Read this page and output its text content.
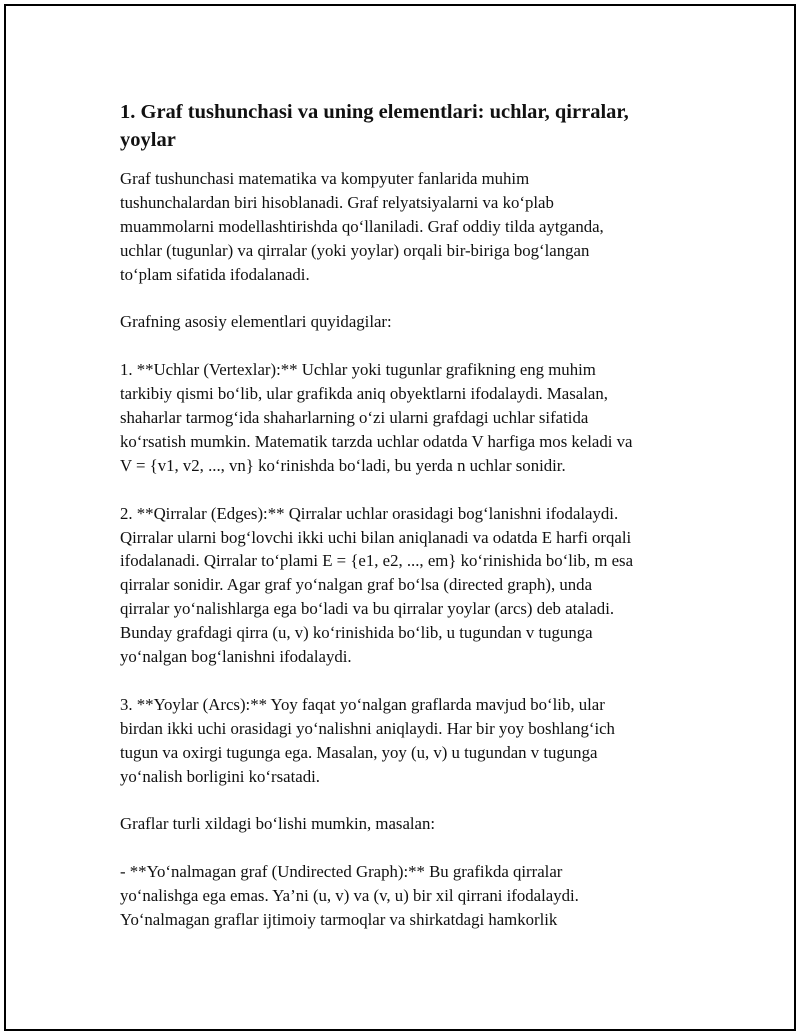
1. Graf tushunchasi va uning elementlari: uchlar, qirralar,
yoylar

Graf tushunchasi matematika va kompyuter fanlarida muhim
tushunchalardan biri hisoblanadi. Graf relyatsiyalarni va ko‘plab
muammolarni modellashtirishda qo‘llaniladi. Graf oddiy tilda aytganda,
uchlar (tugunlar) va qirralar (yoki yoylar) orqali bir-biriga bog‘langan
to‘plam sifatida ifodalanadi.

Grafning asosiy elementlari quyidagilar:

1. **Uchlar (Vertexlar):** Uchlar yoki tugunlar grafikning eng muhim
tarkibiy qismi bo‘lib, ular grafikda aniq obyektlarni ifodalaydi. Masalan,
shaharlar tarmog‘ida shaharlarning o‘zi ularni grafdagi uchlar sifatida
ko‘rsatish mumkin. Matematik tarzda uchlar odatda V harfiga mos keladi va
V = {v1, v2, ..., vn} ko‘rinishda bo‘ladi, bu yerda n uchlar sonidir.

2. **Qirralar (Edges):** Qirralar uchlar orasidagi bog‘lanishni ifodalaydi.
Qirralar ularni bog‘lovchi ikki uchi bilan aniqlanadi va odatda E harfi orqali
ifodalanadi. Qirralar to‘plami E = {e1, e2, ..., em} ko‘rinishida bo‘lib, m esa
qirralar sonidir. Agar graf yo‘nalgan graf bo‘lsa (directed graph), unda
qirralar yo‘nalishlarga ega bo‘ladi va bu qirralar yoylar (arcs) deb ataladi.
Bunday grafdagi qirra (u, v) ko‘rinishida bo‘lib, u tugundan v tugunga
yo‘nalgan bog‘lanishni ifodalaydi.

3. **Yoylar (Arcs):** Yoy faqat yo‘nalgan graflarda mavjud bo‘lib, ular
birdan ikki uchi orasidagi yo‘nalishni aniqlaydi. Har bir yoy boshlang‘ich
tugun va oxirgi tugunga ega. Masalan, yoy (u, v) u tugundan v tugunga
yo‘nalish borligini ko‘rsatadi.

Graflar turli xildagi bo‘lishi mumkin, masalan:

- **Yo‘nalmagan graf (Undirected Graph):** Bu grafikda qirralar
yo‘nalishga ega emas. Ya’ni (u, v) va (v, u) bir xil qirrani ifodalaydi.
Yo‘nalmagan graflar ijtimoiy tarmoqlar va shirkatdagi hamkorlik
